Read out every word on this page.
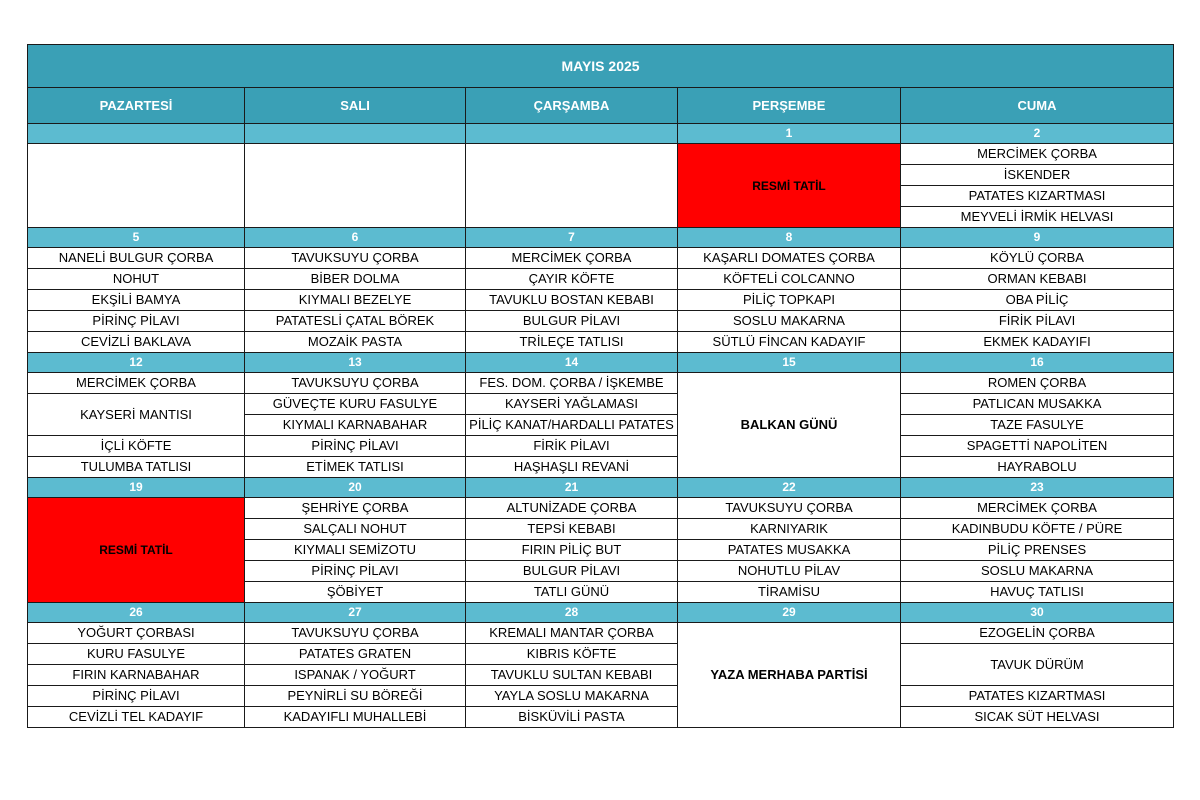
MAYIS 2025				
PAZARTESİ	SALI	ÇARŞAMBA	PERŞEMBE	CUMA
			1	2
			RESMİ TATİL	MERCİMEK ÇORBA
				İSKENDER

				PATATES KIZARTMASI
				MEYVELİ İRMİK HELVASI
5	6	7	8	9
NANELİ BULGUR ÇORBA	TAVUKSUYU ÇORBA	MERCİMEK ÇORBA	KAŞARLI DOMATES ÇORBA	KÖYLÜ ÇORBA
NOHUT	BİBER DOLMA	ÇAYIR KÖFTE	KÖFTELİ COLCANNO	ORMAN KEBABI
EKŞİLİ BAMYA	KIYMALI BEZELYE	TAVUKLU BOSTAN KEBABI	PİLİÇ TOPKAPI	OBA PİLİÇ
PİRİNÇ PİLAVI	PATATESLİ ÇATAL BÖREK	BULGUR PİLAVI	SOSLU MAKARNA	FİRİK PİLAVI
CEVİZLİ BAKLAVA	MOZAİK PASTA	TRİLEÇE TATLISI	SÜTLÜ FİNCAN KADAYIF	EKMEK KADAYIFI
12	13	14	15	16
MERCİMEK ÇORBA	TAVUKSUYU ÇORBA	FES. DOM. ÇORBA / İŞKEMBE	BALKAN GÜNÜ	ROMEN ÇORBA
KAYSERİ MANTISI	GÜVEÇTE KURU FASULYE	KAYSERİ YAĞLAMASI		PATLICAN MUSAKKA
	KIYMALI KARNABAHAR	PİLİÇ KANAT/HARDALLI PATATES		TAZE FASULYE
İÇLİ KÖFTE	PİRİNÇ PİLAVI	FİRİK PİLAVI		SPAGETTİ NAPOLİTEN
TULUMBA TATLISI	ETİMEK TATLISI	HAŞHAŞLI REVANİ		HAYRABOLU
19	20	21	22	23
RESMİ TATİL	ŞEHRİYE ÇORBA	ALTUNİZADE ÇORBA	TAVUKSUYU ÇORBA	MERCİMEK ÇORBA
	SALÇALI NOHUT	TEPSİ KEBABI	KARNIYARIK	KADINBUDU KÖFTE / PÜRE
	KIYMALI SEMİZOTU	FIRIN PİLİÇ BUT	PATATES MUSAKKA	PİLİÇ PRENSES
	PİRİNÇ PİLAVI	BULGUR PİLAVI	NOHUTLU PİLAV	SOSLU MAKARNA
	ŞÖBİYET	TATLI GÜNÜ	TİRAMİSU	HAVUÇ TATLISI
26	27	28	29	30
YOĞURT ÇORBASI	TAVUKSUYU ÇORBA	KREMALI MANTAR ÇORBA	YAZA MERHABA PARTİSİ	EZOGELİN ÇORBA
KURU FASULYE	PATATES GRATEN	KIBRIS KÖFTE		TAVUK DÜRÜM
FIRIN KARNABAHAR	ISPANAK / YOĞURT	TAVUKLU SULTAN KEBABI		
PİRİNÇ PİLAVI	PEYNİRLİ SU BÖREĞİ	YAYLA SOSLU MAKARNA		PATATES KIZARTMASI
CEVİZLİ TEL KADAYIF	KADAYIFLI MUHALLEBİ	BİSKÜVİLİ PASTA		SICAK SÜT HELVASI
